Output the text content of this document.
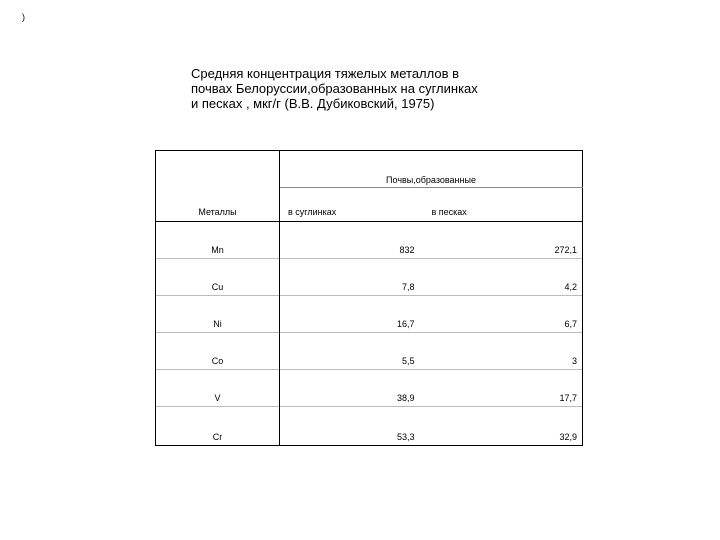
)
Средняя концентрация тяжелых металлов в
почвах Белоруссии,образованных на суглинках
и песках , мкг/г (В.В. Дубиковский, 1975)
	Почвы,образованные	
Металлы	в суглинках	в песках
Mn	832	272,1
Cu	7,8	4,2
Ni	16,7	6,7
Co	5,5	3
V	38,9	17,7
Cr	53,3	32,9
